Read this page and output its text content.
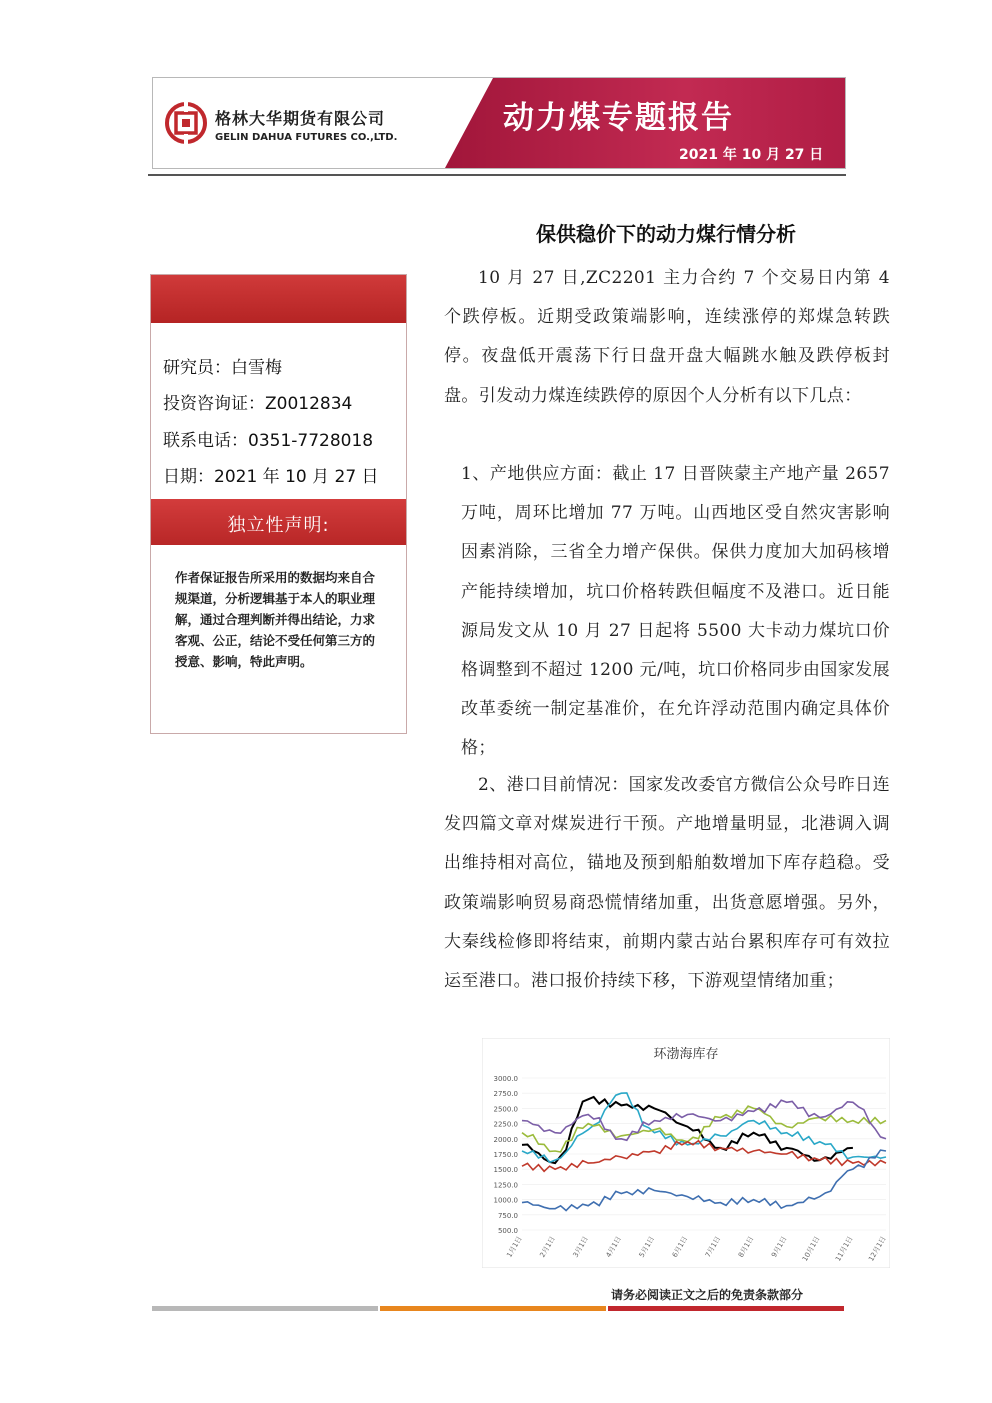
格林大华期货有限公司
GELIN DAHUA FUTURES CO.,LTD.
动力煤专题报告
2021 年 10 月 27 日
研究员：白雪梅
投资咨询证：Z0012834
联系电话：0351-7728018
日期：2021 年 10 月 27 日
独立性声明:
作者保证报告所采用的数据均来自合规渠道，分析逻辑基于本人的职业理解，通过合理判断并得出结论，力求客观、公正，结论不受任何第三方的授意、影响，特此声明。
保供稳价下的动力煤行情分析

10 月 27 日,ZC2201 主力合约 7 个交易日内第 4 个跌停板。近期受政策端影响，连续涨停的郑煤急转跌停。夜盘低开震荡下行日盘开盘大幅跳水触及跌停板封盘。引发动力煤连续跌停的原因个人分析有以下几点：

1、产地供应方面：截止 17 日晋陕蒙主产地产量 2657 万吨，周环比增加 77 万吨。山西地区受自然灾害影响因素消除，三省全力增产保供。保供力度加大加码核增产能持续增加，坑口价格转跌但幅度不及港口。近日能源局发文从 10 月 27 日起将 5500 大卡动力煤坑口价格调整到不超过 1200 元/吨，坑口价格同步由国家发展改革委统一制定基准价，在允许浮动范围内确定具体价格；

2、港口目前情况：国家发改委官方微信公众号昨日连发四篇文章对煤炭进行干预。产地增量明显，北港调入调出维持相对高位，锚地及预到船舶数增加下库存趋稳。受政策端影响贸易商恐慌情绪加重，出货意愿增强。另外，大秦线检修即将结束，前期内蒙古站台累积库存可有效拉运至港口。港口报价持续下移，下游观望情绪加重；

环渤海库存
3000.0
2750.0
2500.0
2250.0
2000.0
1750.0
1500.0
1250.0
1000.0
750.0
500.0
1月1日 2月1日 3月1日 4月1日 5月1日 6月1日 7月1日 8月1日 9月1日 10月1日 11月1日 12月1日
请务必阅读正文之后的免责条款部分
